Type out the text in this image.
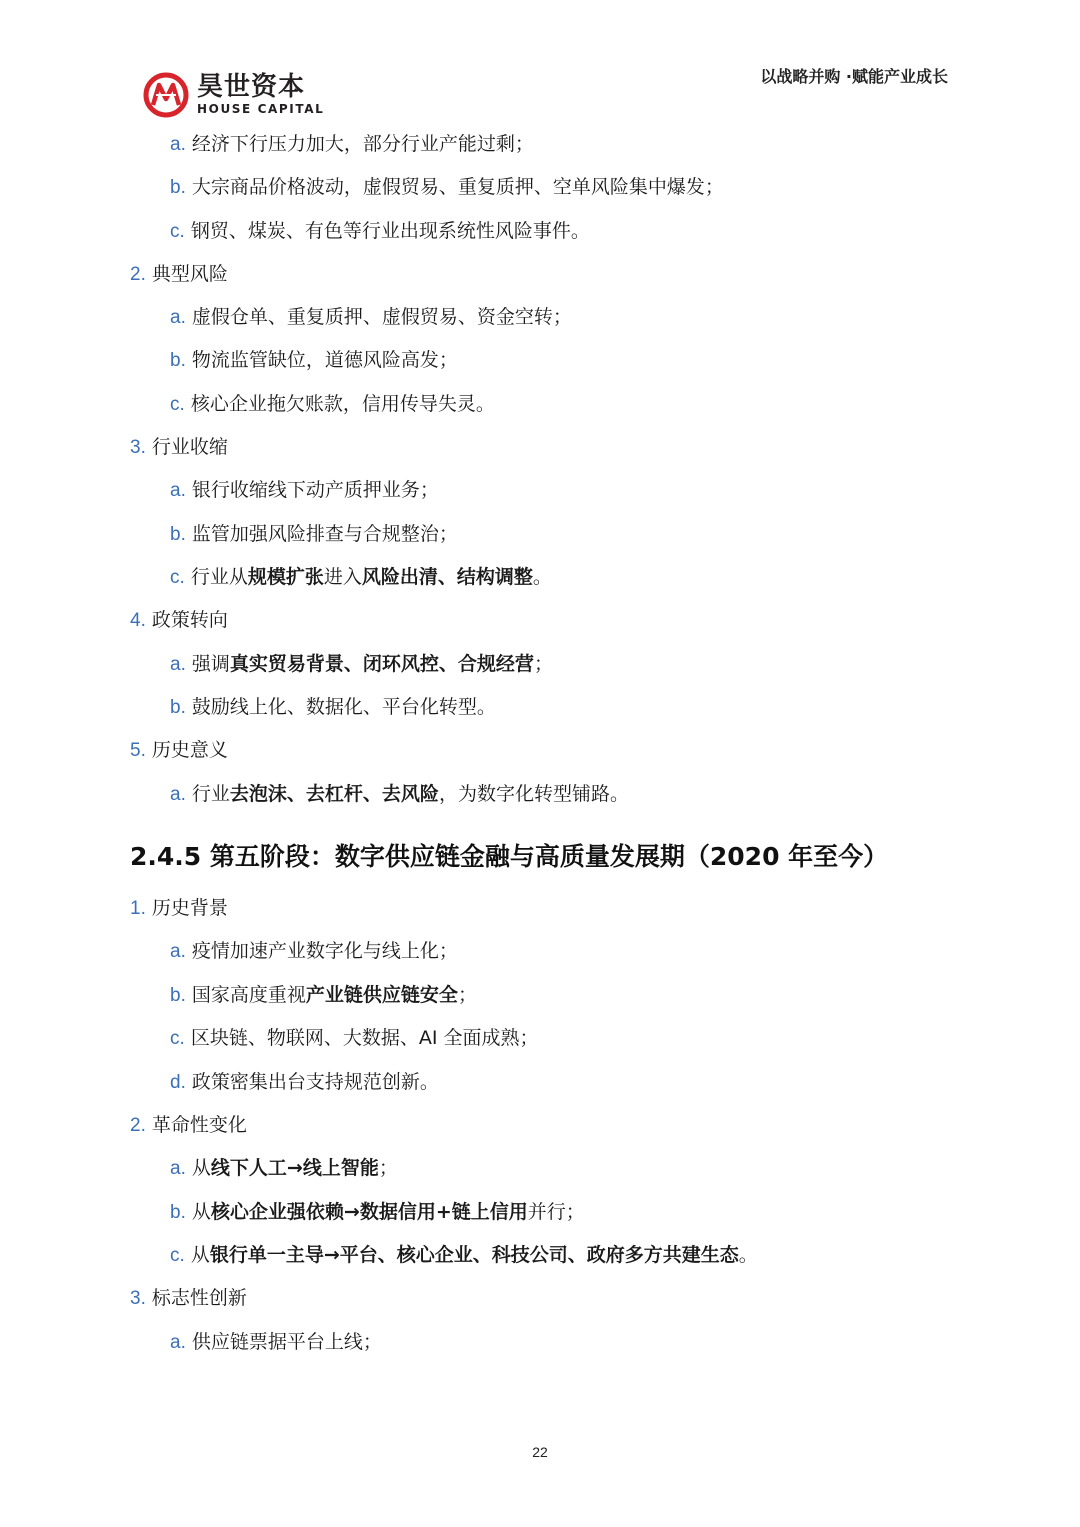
昊世资本
HOUSE CAPITAL
以战略并购 ·赋能产业成长
a. 经济下行压力加大，部分行业产能过剩；
b. 大宗商品价格波动，虚假贸易、重复质押、空单风险集中爆发；
c. 钢贸、煤炭、有色等行业出现系统性风险事件。
2. 典型风险
a. 虚假仓单、重复质押、虚假贸易、资金空转；
b. 物流监管缺位，道德风险高发；
c. 核心企业拖欠账款，信用传导失灵。
3. 行业收缩
a. 银行收缩线下动产质押业务；
b. 监管加强风险排查与合规整治；
c. 行业从规模扩张进入风险出清、结构调整。
4. 政策转向
a. 强调真实贸易背景、闭环风控、合规经营；
b. 鼓励线上化、数据化、平台化转型。
5. 历史意义
a. 行业去泡沫、去杠杆、去风险，为数字化转型铺路。
2.4.5 第五阶段：数字供应链金融与高质量发展期（2020 年至今）
1. 历史背景
a. 疫情加速产业数字化与线上化；
b. 国家高度重视产业链供应链安全；
c. 区块链、物联网、大数据、AI 全面成熟；
d. 政策密集出台支持规范创新。
2. 革命性变化
a. 从线下人工→线上智能；
b. 从核心企业强依赖→数据信用+链上信用并行；
c. 从银行单一主导→平台、核心企业、科技公司、政府多方共建生态。
3. 标志性创新
a. 供应链票据平台上线；
22
